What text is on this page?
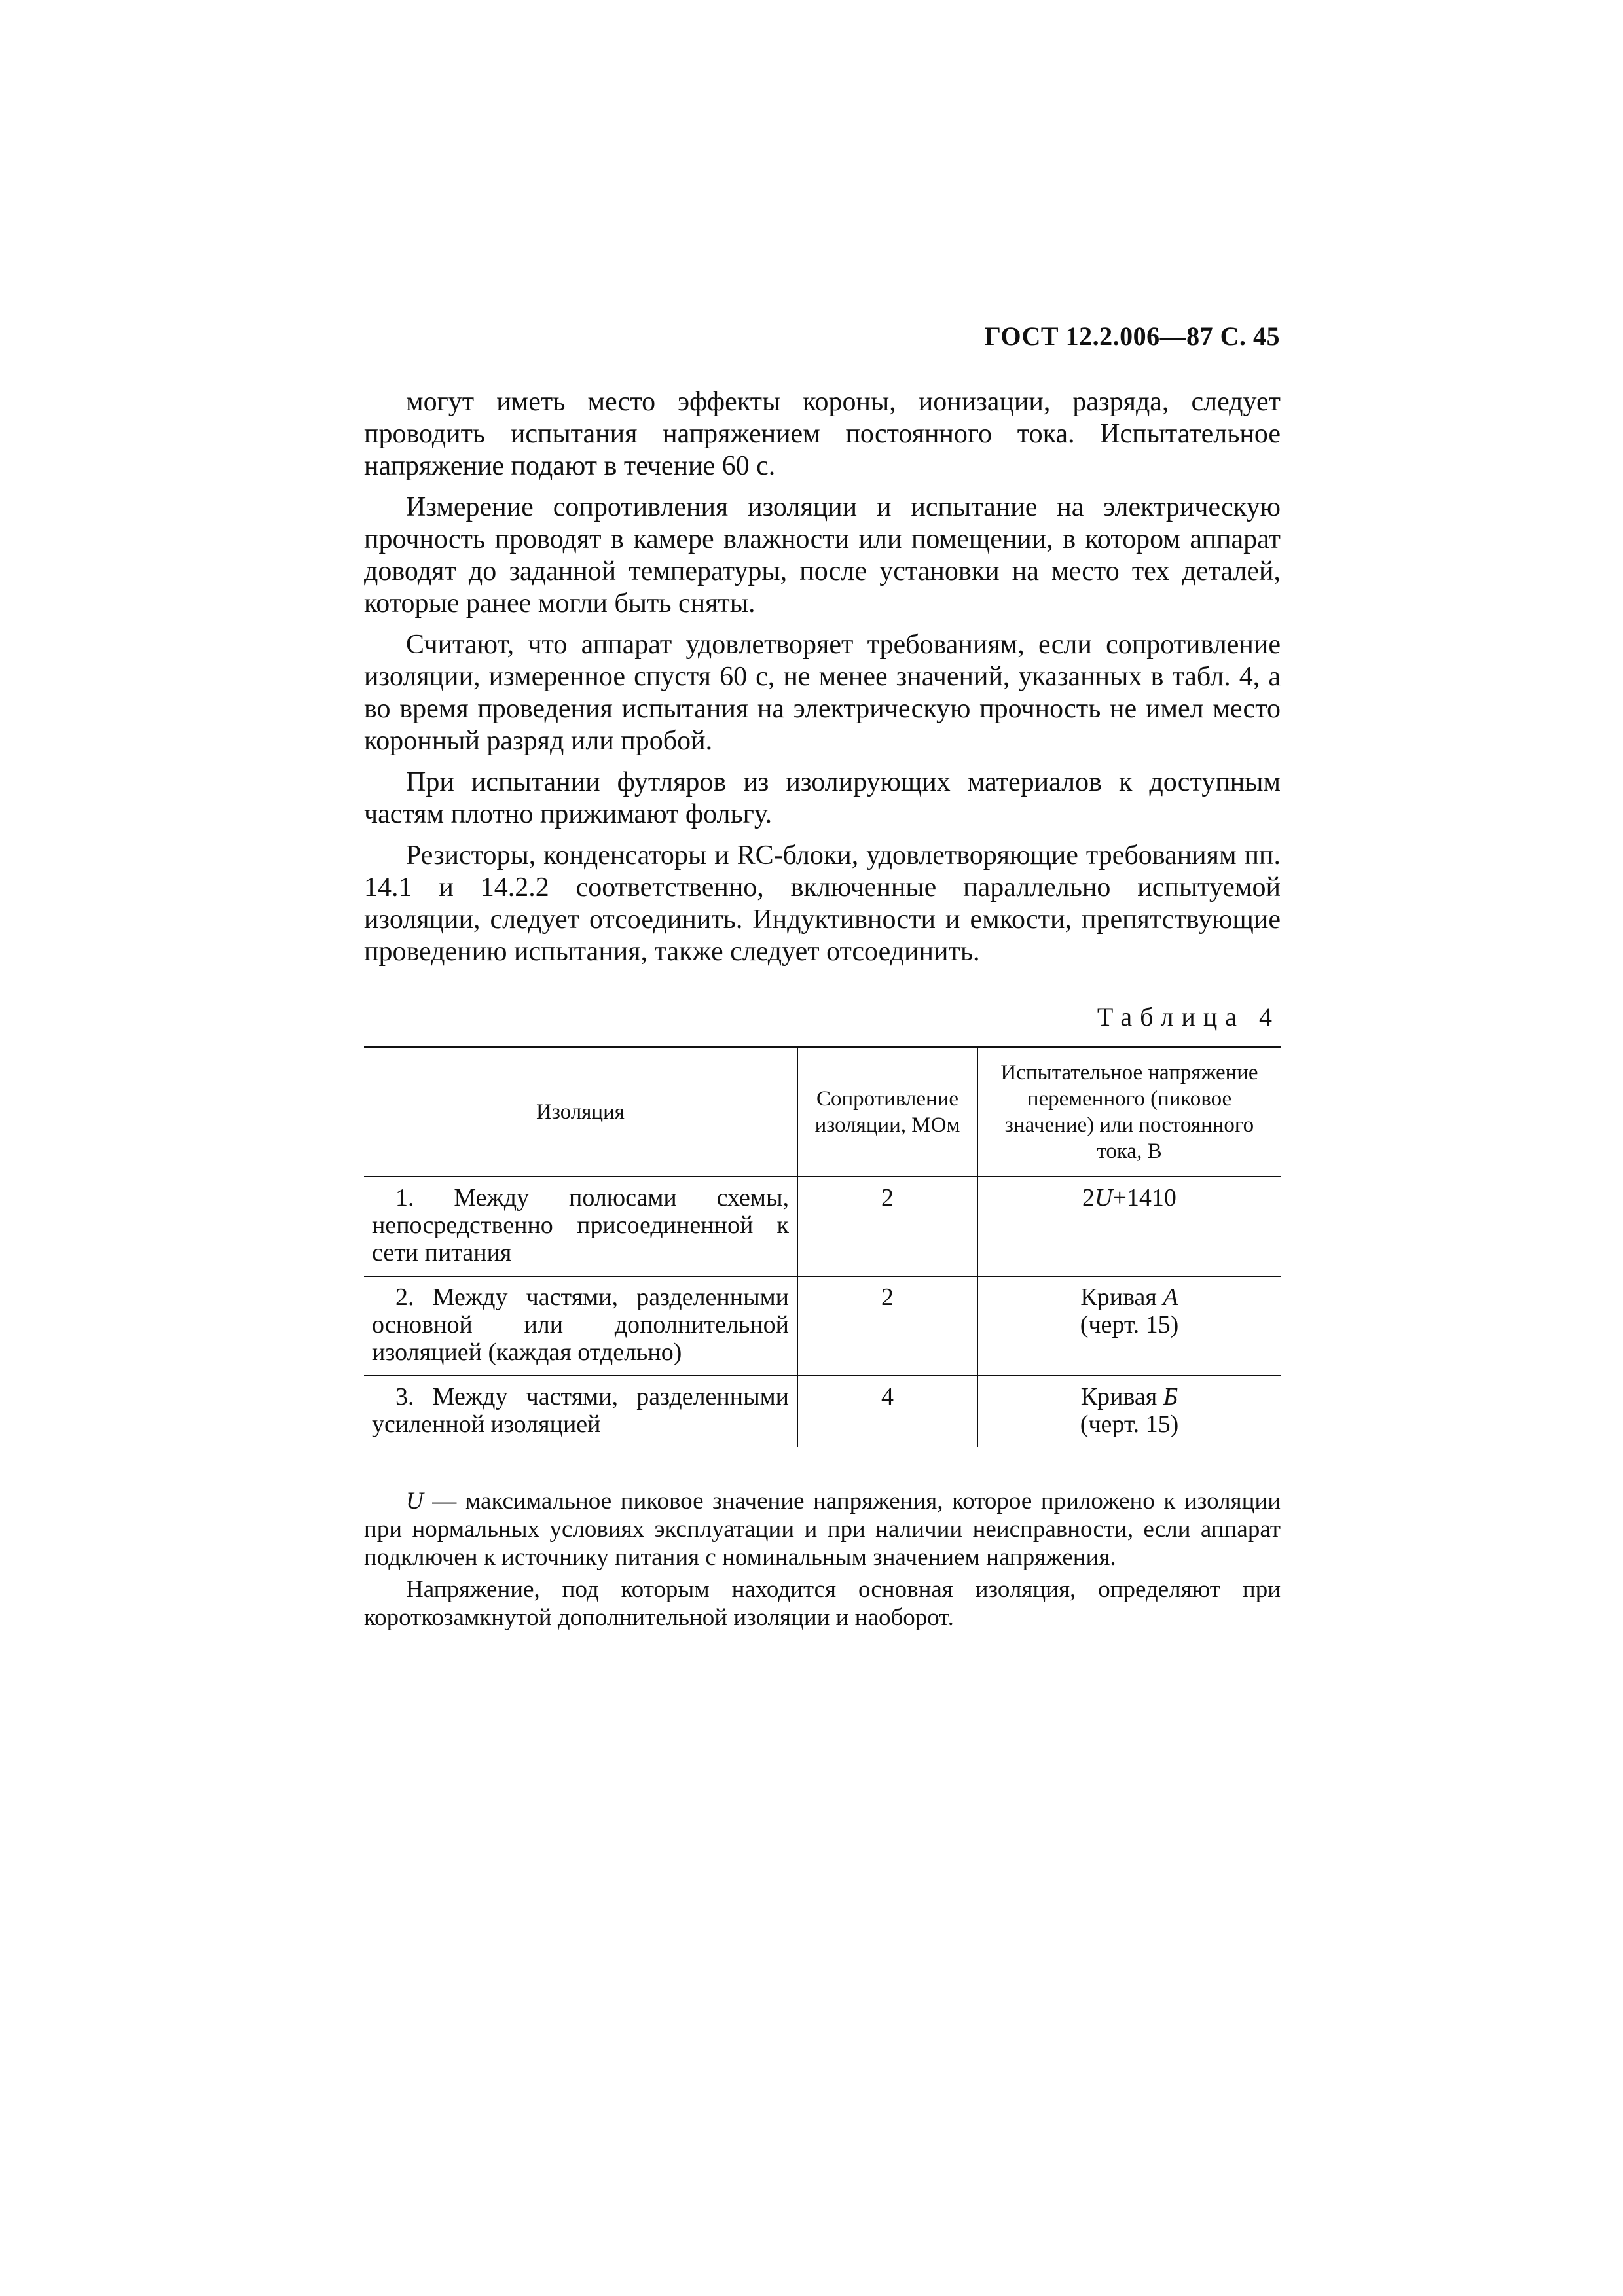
ГОСТ 12.2.006—87 С. 45

могут иметь место эффекты короны, ионизации, разряда, следует проводить испытания напряжением постоянного тока. Испытательное напряжение подают в течение 60 с.

Измерение сопротивления изоляции и испытание на электрическую прочность проводят в камере влажности или помещении, в котором аппарат доводят до заданной температуры, после установки на место тех деталей, которые ранее могли быть сняты.

Считают, что аппарат удовлетворяет требованиям, если сопротивление изоляции, измеренное спустя 60 с, не менее значений, указанных в табл. 4, а во время проведения испытания на электрическую прочность не имел место коронный разряд или пробой.

При испытании футляров из изолирующих материалов к доступным частям плотно прижимают фольгу.

Резисторы, конденсаторы и RC-блоки, удовлетворяющие требованиям пп. 14.1 и 14.2.2 соответственно, включенные параллельно испытуемой изоляции, следует отсоединить. Индуктивности и емкости, препятствующие проведению испытания, также следует отсоединить.

Таблица 4
Изоляция	Сопротивление изоляции, МОм	Испытательное напряжение переменного (пиковое значение) или постоянного тока, В
1. Между полюсами схемы, непосредственно присоединенной к сети питания	2	2U+1410
2. Между частями, разделенными основной или дополнительной изоляцией (каждая отдельно)	2	Кривая А
(черт. 15)
3. Между частями, разделенными усиленной изоляцией	4	Кривая Б
(черт. 15)

U — максимальное пиковое значение напряжения, которое приложено к изоляции при нормальных условиях эксплуатации и при наличии неисправности, если аппарат подключен к источнику питания с номинальным значением напряжения.

Напряжение, под которым находится основная изоляция, определяют при короткозамкнутой дополнительной изоляции и наоборот.
